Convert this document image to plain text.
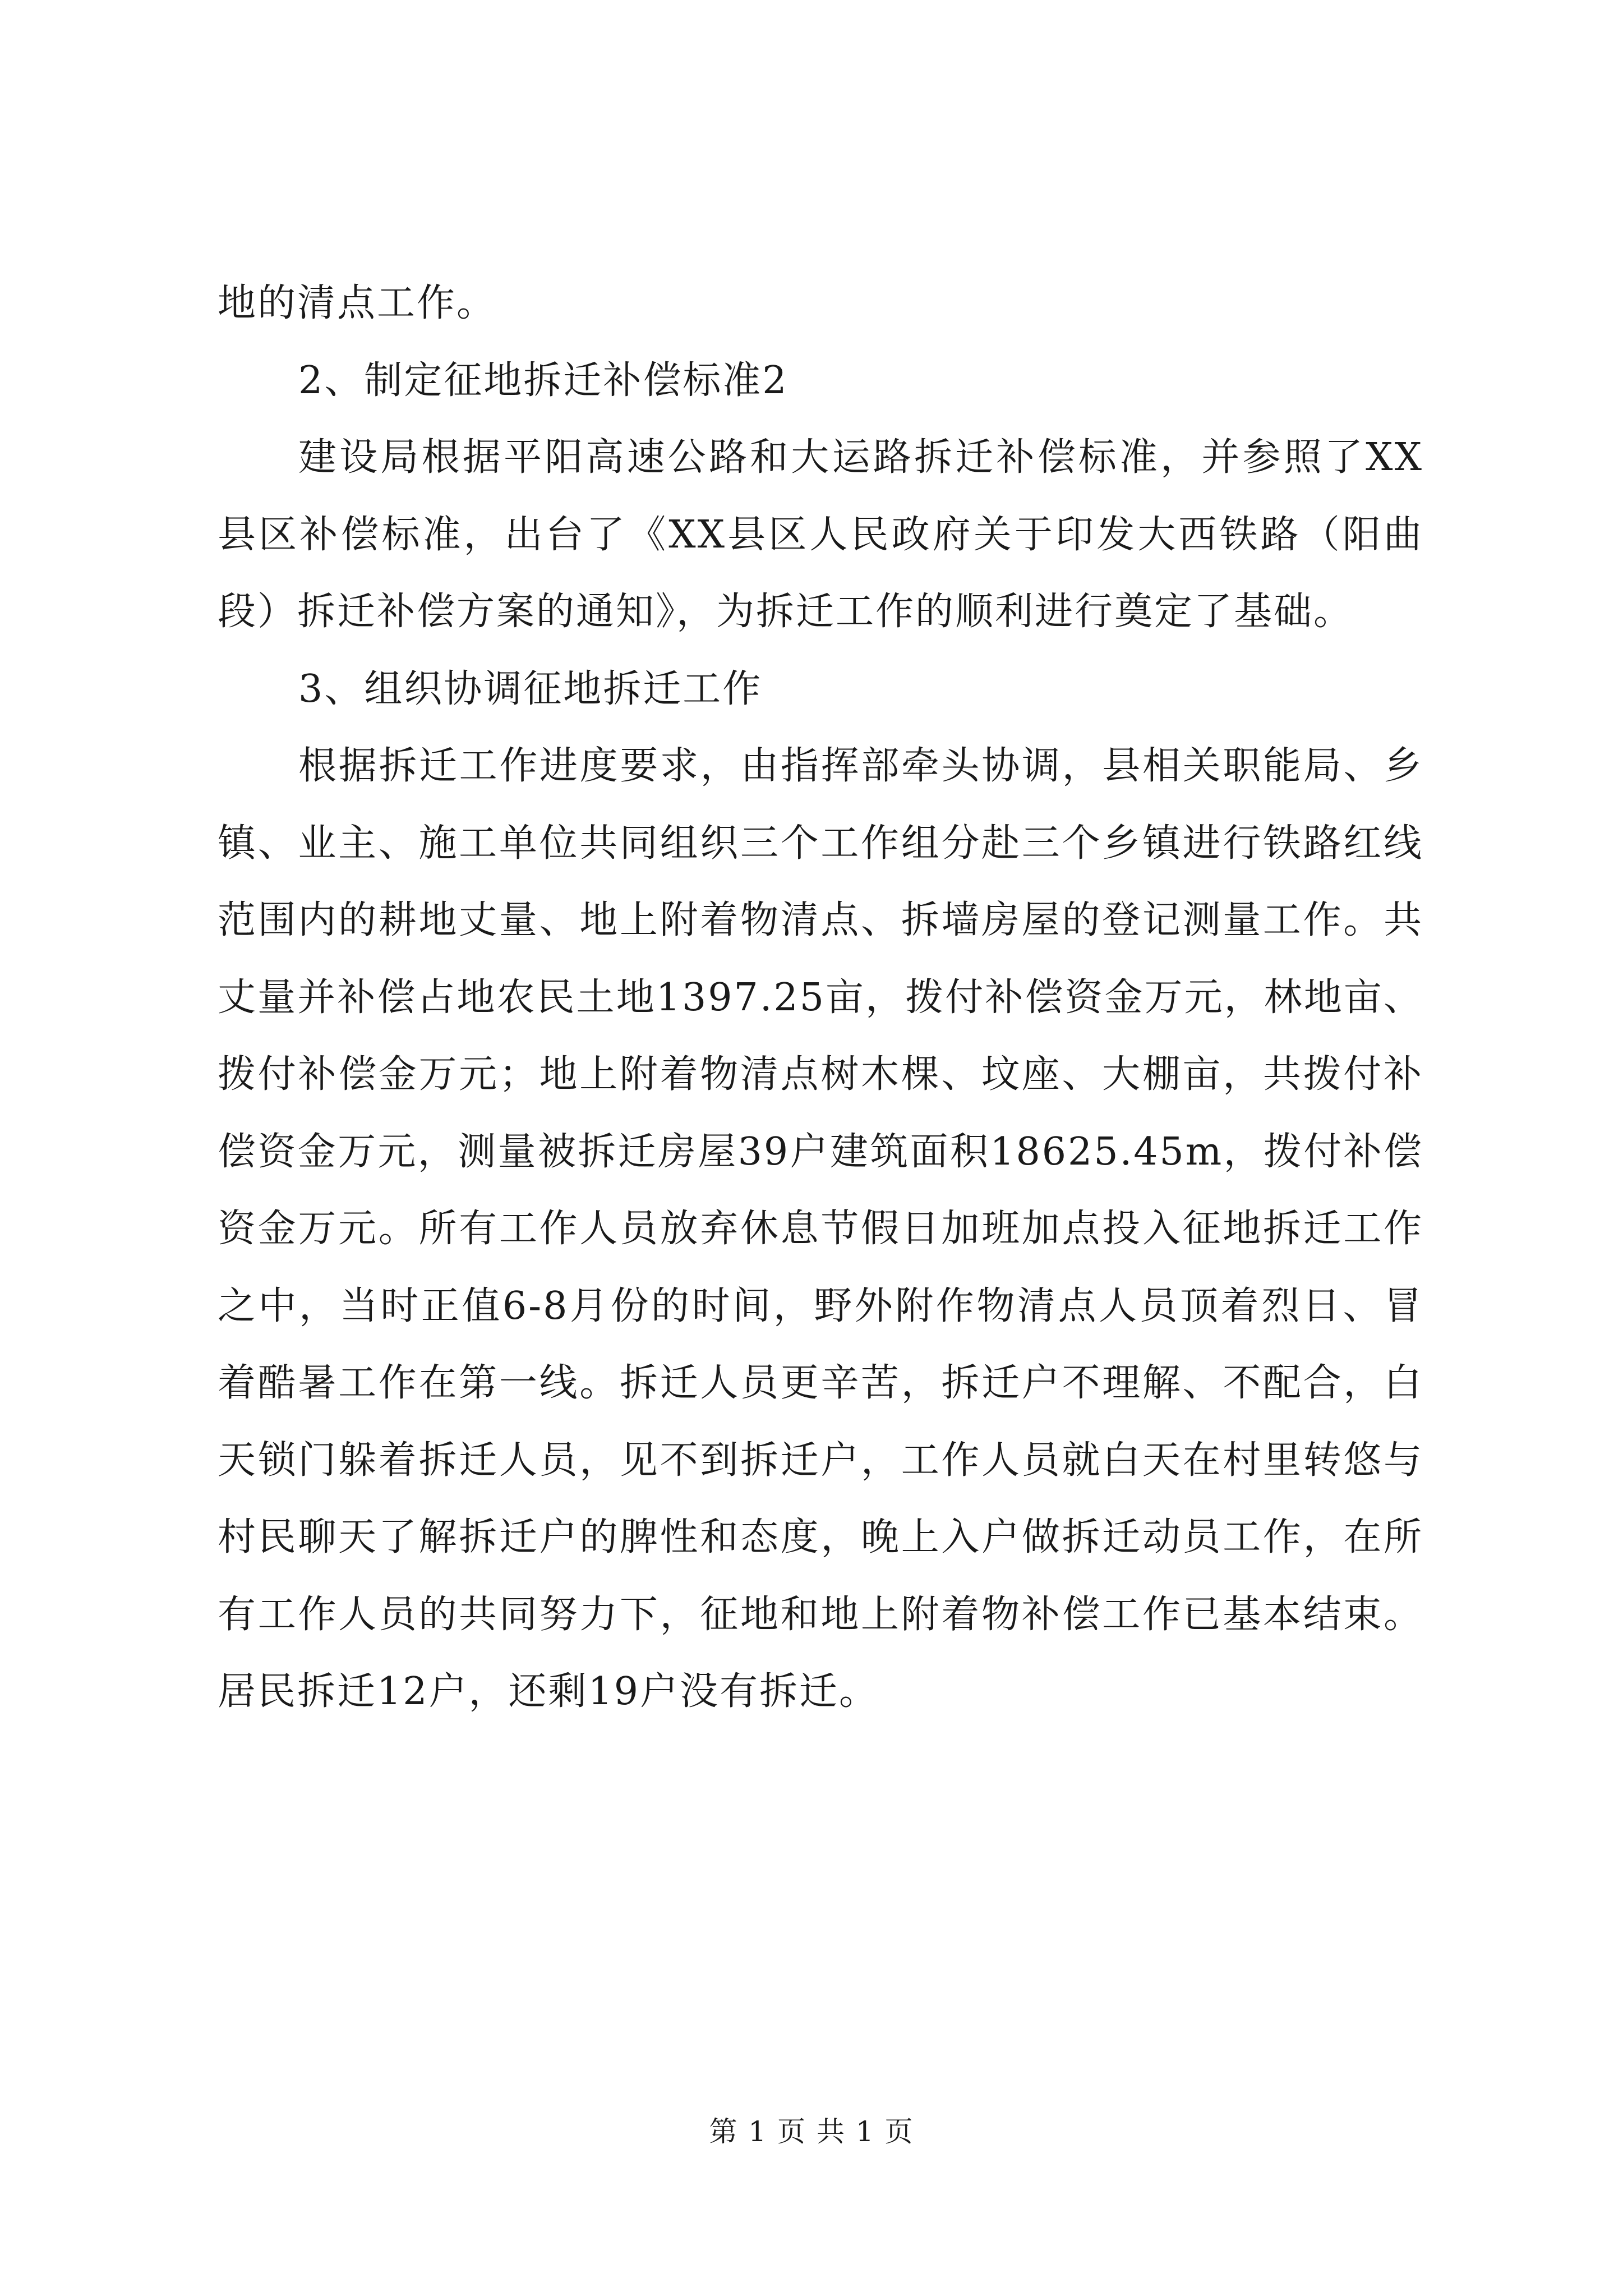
地的清点工作。

2、制定征地拆迁补偿标准2

建设局根据平阳高速公路和大运路拆迁补偿标准，并参照了XX县区补偿标准，出台了《XX县区人民政府关于印发大西铁路（阳曲段）拆迁补偿方案的通知》，为拆迁工作的顺利进行奠定了基础。

3、组织协调征地拆迁工作

根据拆迁工作进度要求，由指挥部牵头协调，县相关职能局、乡镇、业主、施工单位共同组织三个工作组分赴三个乡镇进行铁路红线范围内的耕地丈量、地上附着物清点、拆墙房屋的登记测量工作。共丈量并补偿占地农民土地1397.25亩，拨付补偿资金万元，林地亩、拨付补偿金万元；地上附着物清点树木棵、坟座、大棚亩，共拨付补偿资金万元，测量被拆迁房屋39户建筑面积18625.45m，拨付补偿资金万元。所有工作人员放弃休息节假日加班加点投入征地拆迁工作之中，当时正值6-8月份的时间，野外附作物清点人员顶着烈日、冒着酷暑工作在第一线。拆迁人员更辛苦，拆迁户不理解、不配合，白天锁门躲着拆迁人员，见不到拆迁户，工作人员就白天在村里转悠与村民聊天了解拆迁户的脾性和态度，晚上入户做拆迁动员工作，在所有工作人员的共同努力下，征地和地上附着物补偿工作已基本结束。居民拆迁12户，还剩19户没有拆迁。

第 1 页 共 1 页
